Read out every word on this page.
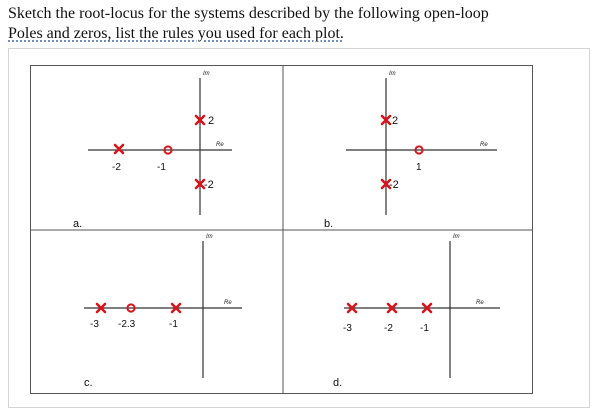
Sketch the root-locus for the systems described by the following open-loop
Poles and zeros, list the rules you used for each plot.
Im
Re
-2	-1
2
-2
a.
Im
Re
2
1
-2
b.
Im
Re
-3 -2.3	-1
c.
Im
Re
-3	-2	-1
d.
